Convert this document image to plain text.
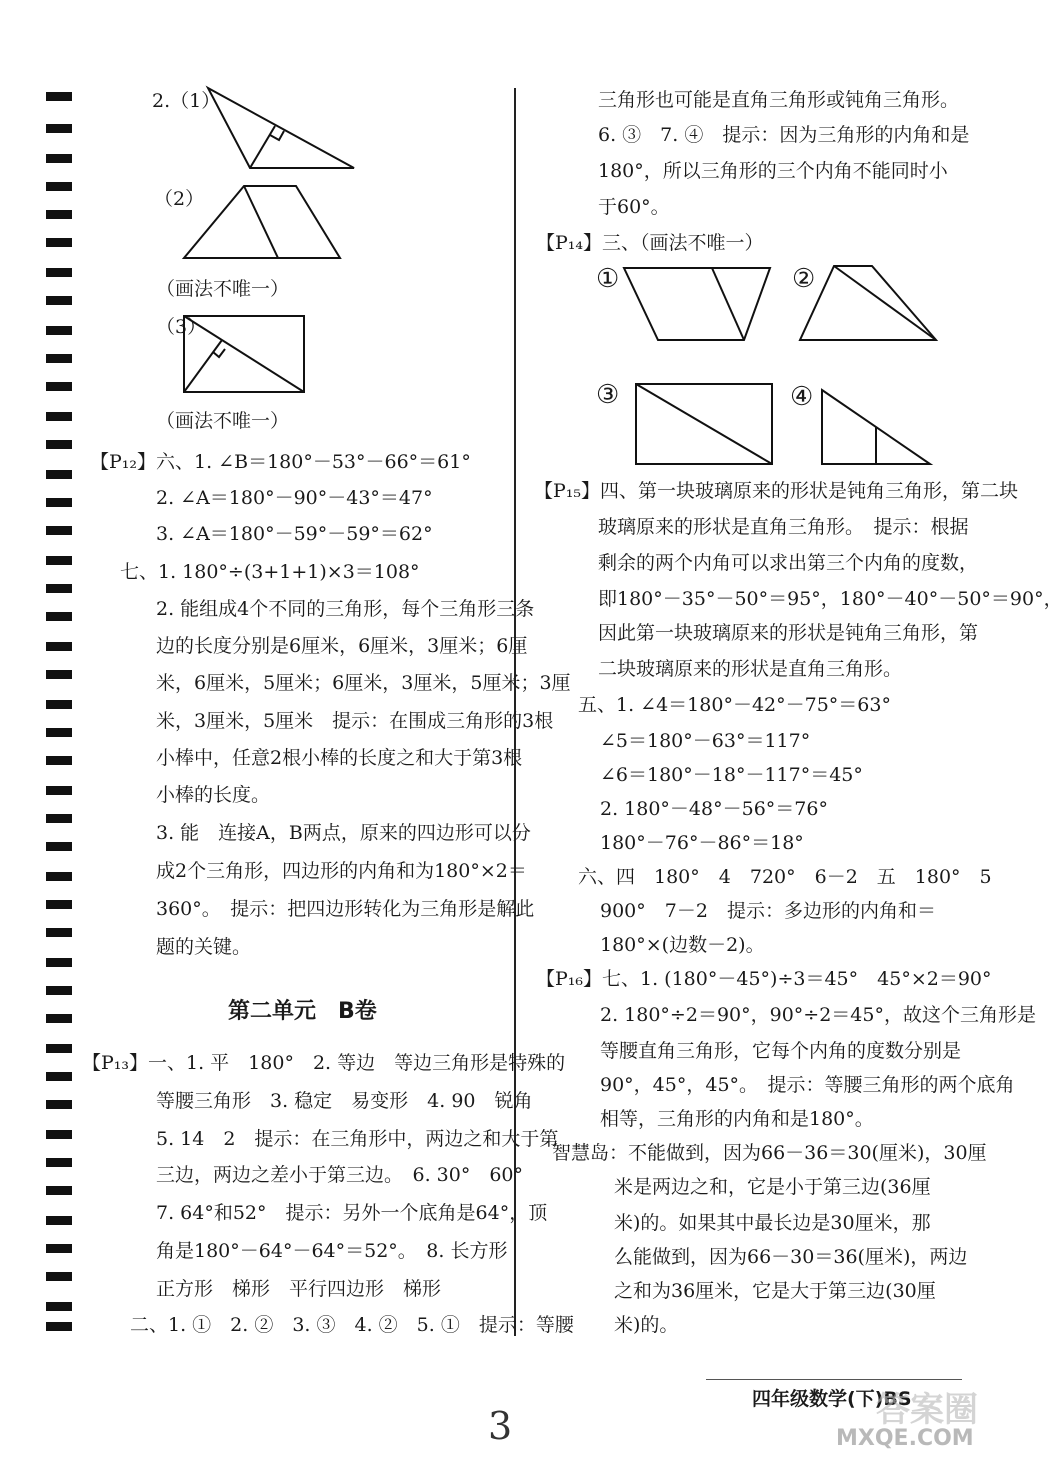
2.（1）
（2）
（画法不唯一）
（3）
（画法不唯一）
【P₁₂】六、1. ∠B＝180°－53°－66°＝61°
2. ∠A＝180°－90°－43°＝47°
3. ∠A＝180°－59°－59°＝62°
七、1. 180°÷(3+1+1)×3＝108°
2. 能组成4个不同的三角形，每个三角形三条
边的长度分别是6厘米，6厘米，3厘米；6厘
米，6厘米，5厘米；6厘米，3厘米，5厘米；3厘
米，3厘米，5厘米　提示：在围成三角形的3根
小棒中，任意2根小棒的长度之和大于第3根
小棒的长度。
3. 能　连接A，B两点，原来的四边形可以分
成2个三角形，四边形的内角和为180°×2＝
360°。　提示：把四边形转化为三角形是解此
题的关键。
第二单元　B卷
【P₁₃】一、1. 平　180°　2. 等边　等边三角形是特殊的
等腰三角形　3. 稳定　易变形　4. 90　锐角
5. 14　2　提示：在三角形中，两边之和大于第
三边，两边之差小于第三边。　6. 30°　60°
7. 64°和52°　提示：另外一个底角是64°，顶
角是180°－64°－64°＝52°。　8. 长方形
正方形　梯形　平行四边形　梯形
二、1. ①　2. ②　3. ③　4. ②　5. ①　提示：等腰
三角形也可能是直角三角形或钝角三角形。
6. ③　7. ④　提示：因为三角形的内角和是
180°，所以三角形的三个内角不能同时小
于60°。
【P₁₄】三、（画法不唯一）
①	②
③	④
【P₁₅】四、第一块玻璃原来的形状是钝角三角形，第二块
玻璃原来的形状是直角三角形。　提示：根据
剩余的两个内角可以求出第三个内角的度数，
即180°－35°－50°＝95°，180°－40°－50°＝90°，
因此第一块玻璃原来的形状是钝角三角形，第
二块玻璃原来的形状是直角三角形。
五、1. ∠4＝180°－42°－75°＝63°
∠5＝180°－63°＝117°
∠6＝180°－18°－117°＝45°
2. 180°－48°－56°＝76°
180°－76°－86°＝18°
六、四　180°　4　720°　6－2　五　180°　5
900°　7－2　提示：多边形的内角和＝
180°×(边数－2)。
【P₁₆】七、1. (180°－45°)÷3＝45°　45°×2＝90°
2. 180°÷2＝90°，90°÷2＝45°，故这个三角形是
等腰直角三角形，它每个内角的度数分别是
90°，45°，45°。　提示：等腰三角形的两个底角
相等，三角形的内角和是180°。
智慧岛：不能做到，因为66－36＝30(厘米)，30厘
米是两边之和，它是小于第三边(36厘
米)的。如果其中最长边是30厘米，那
么能做到，因为66－30＝36(厘米)，两边
之和为36厘米，它是大于第三边(30厘
米)的。
四年级数学(下)BS
3	答案圈
MXQE.COM
